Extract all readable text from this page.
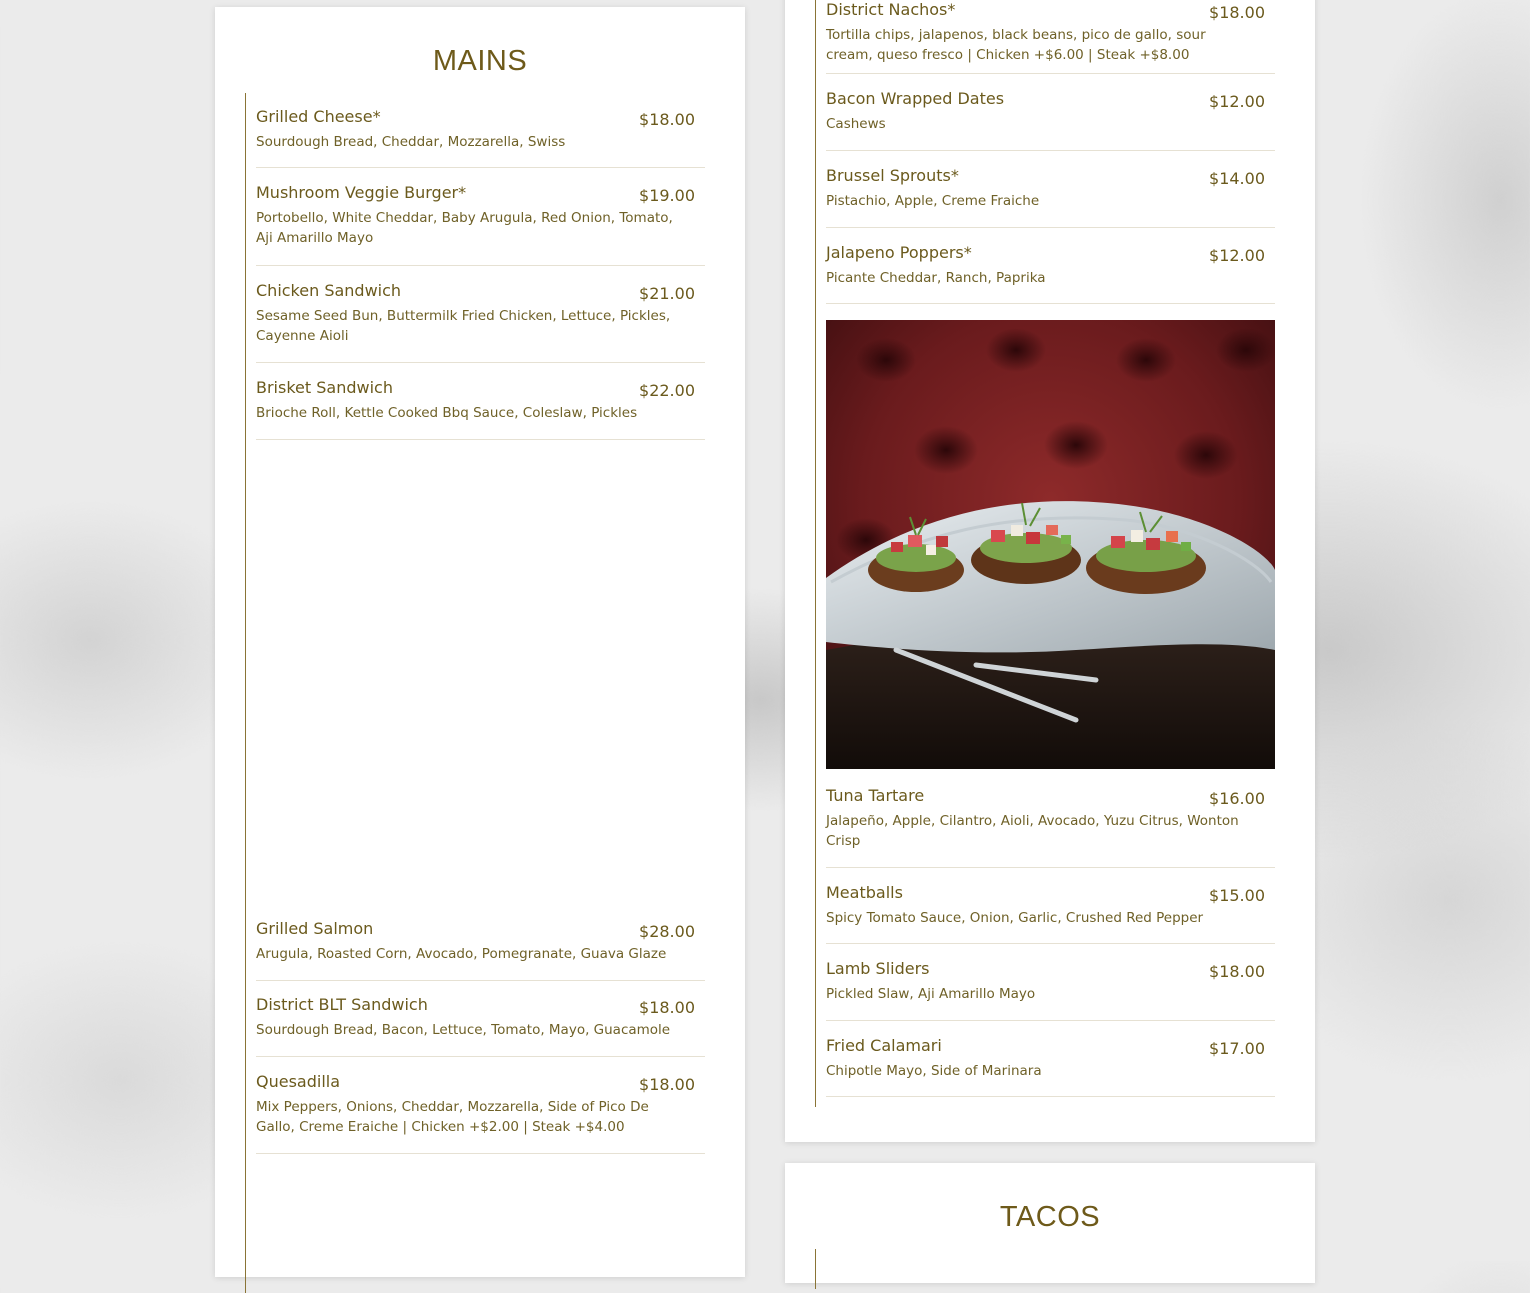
MAINS
Grilled Cheese*	$18.00
Sourdough Bread, Cheddar, Mozzarella, Swiss
Mushroom Veggie Burger*	$19.00
Portobello, White Cheddar, Baby Arugula, Red Onion, Tomato, Aji Amarillo Mayo
Chicken Sandwich	$21.00
Sesame Seed Bun, Buttermilk Fried Chicken, Lettuce, Pickles, Cayenne Aioli
Brisket Sandwich	$22.00
Brioche Roll, Kettle Cooked Bbq Sauce, Coleslaw, Pickles
Grilled Salmon	$28.00
Arugula, Roasted Corn, Avocado, Pomegranate, Guava Glaze
District BLT Sandwich	$18.00
Sourdough Bread, Bacon, Lettuce, Tomato, Mayo, Guacamole
Quesadilla	$18.00
Mix Peppers, Onions, Cheddar, Mozzarella, Side of Pico De Gallo, Creme Eraiche | Chicken +$2.00 | Steak +$4.00
District Nachos*	$18.00
Tortilla chips, jalapenos, black beans, pico de gallo, sour cream, queso fresco | Chicken +$6.00 | Steak +$8.00
Bacon Wrapped Dates	$12.00
Cashews
Brussel Sprouts*	$14.00
Pistachio, Apple, Creme Fraiche
Jalapeno Poppers*	$12.00
Picante Cheddar, Ranch, Paprika
Tuna Tartare	$16.00
Jalapeño, Apple, Cilantro, Aioli, Avocado, Yuzu Citrus, Wonton Crisp
Meatballs	$15.00
Spicy Tomato Sauce, Onion, Garlic, Crushed Red Pepper
Lamb Sliders	$18.00
Pickled Slaw, Aji Amarillo Mayo
Fried Calamari	$17.00
Chipotle Mayo, Side of Marinara
TACOS
